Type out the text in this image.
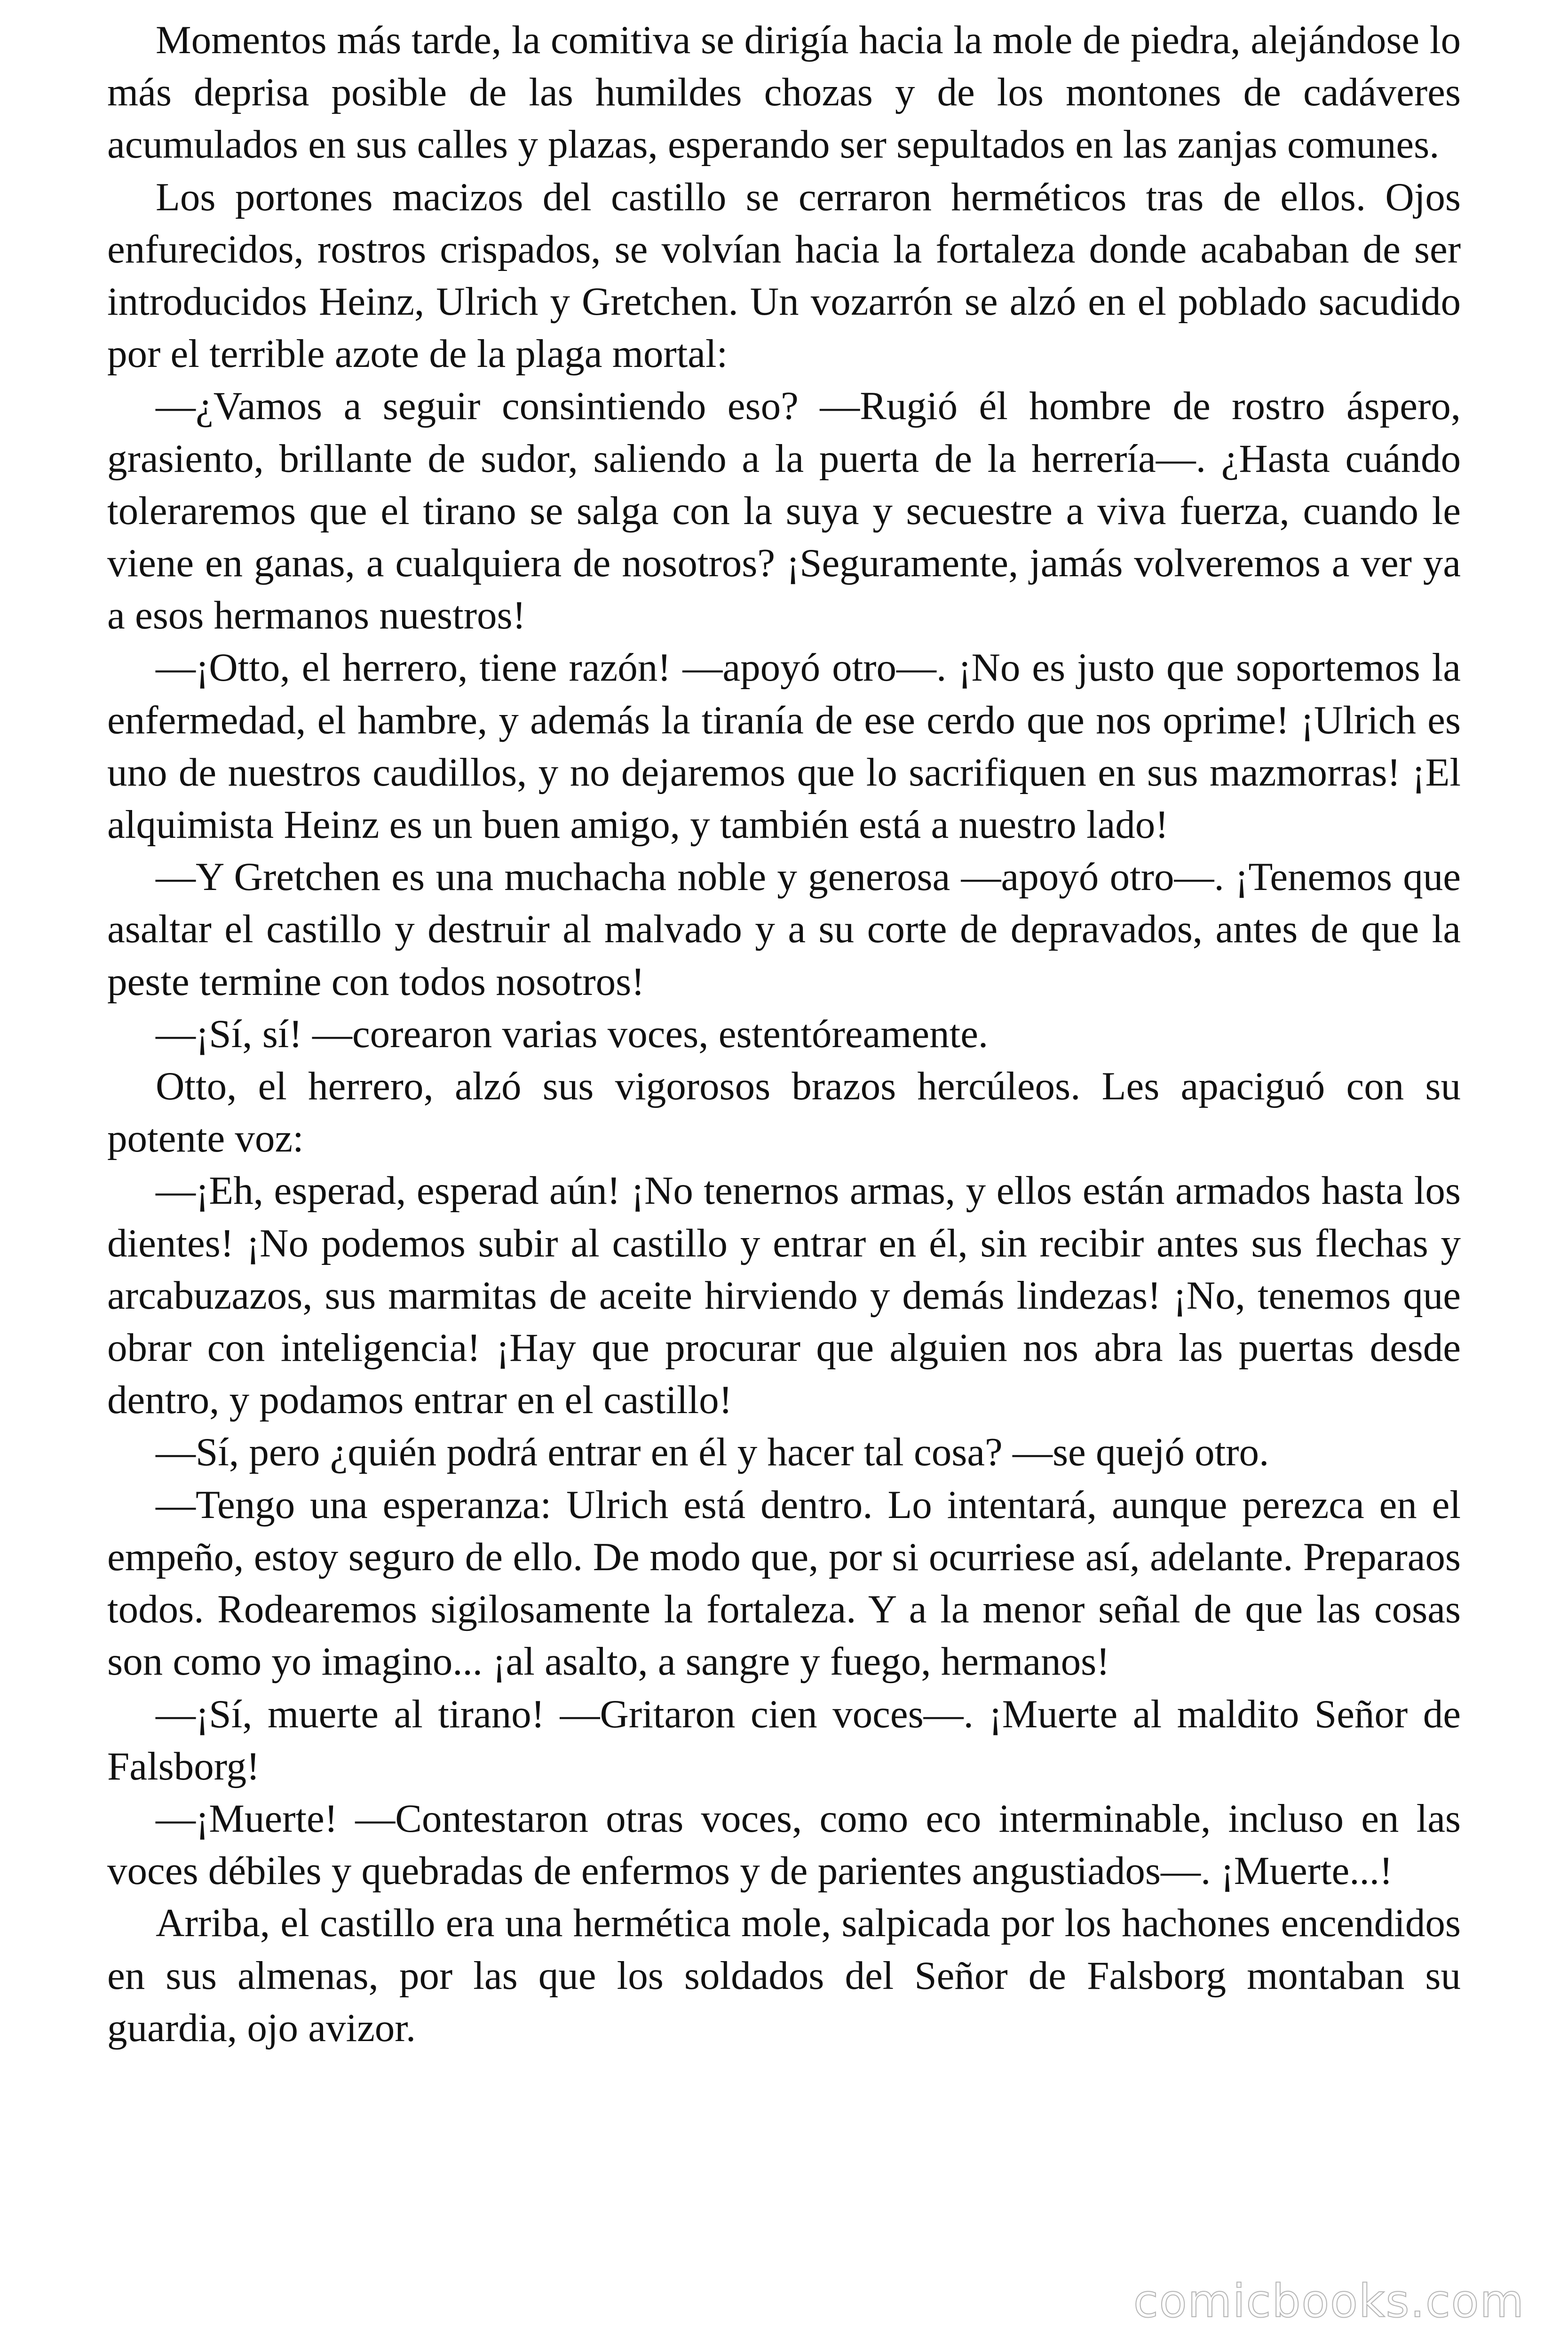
Momentos más tarde, la comitiva se dirigía hacia la mole de piedra, alejándose lo más deprisa posible de las humildes chozas y de los montones de cadáveres acumulados en sus calles y plazas, esperando ser sepultados en las zanjas comunes.

Los portones macizos del castillo se cerraron herméticos tras de ellos. Ojos enfurecidos, rostros crispados, se volvían hacia la fortaleza donde acababan de ser introducidos Heinz, Ulrich y Gretchen. Un vozarrón se alzó en el poblado sacudido por el terrible azote de la plaga mortal:

—¿Vamos a seguir consintiendo eso? —Rugió él hombre de rostro áspero, grasiento, brillante de sudor, saliendo a la puerta de la herrería—. ¿Hasta cuándo toleraremos que el tirano se salga con la suya y secuestre a viva fuerza, cuando le viene en ganas, a cualquiera de nosotros? ¡Seguramente, jamás volveremos a ver ya a esos hermanos nuestros!

—¡Otto, el herrero, tiene razón! —apoyó otro—. ¡No es justo que soportemos la enfermedad, el hambre, y además la tiranía de ese cerdo que nos oprime! ¡Ulrich es uno de nuestros caudillos, y no dejaremos que lo sacrifiquen en sus mazmorras! ¡El alquimista Heinz es un buen amigo, y también está a nuestro lado!

—Y Gretchen es una muchacha noble y generosa —apoyó otro—. ¡Tenemos que asaltar el castillo y destruir al malvado y a su corte de depravados, antes de que la peste termine con todos nosotros!

—¡Sí, sí! —corearon varias voces, estentóreamente.

Otto, el herrero, alzó sus vigorosos brazos hercúleos. Les apaciguó con su potente voz:

—¡Eh, esperad, esperad aún! ¡No tenernos armas, y ellos están armados hasta los dientes! ¡No podemos subir al castillo y entrar en él, sin recibir antes sus flechas y arcabuzazos, sus marmitas de aceite hirviendo y demás lindezas! ¡No, tenemos que obrar con inteligencia! ¡Hay que procurar que alguien nos abra las puertas desde dentro, y podamos entrar en el castillo!

—Sí, pero ¿quién podrá entrar en él y hacer tal cosa? —se quejó otro.

—Tengo una esperanza: Ulrich está dentro. Lo intentará, aunque perezca en el empeño, estoy seguro de ello. De modo que, por si ocurriese así, adelante. Preparaos todos. Rodearemos sigilosamente la fortaleza. Y a la menor señal de que las cosas son como yo imagino... ¡al asalto, a sangre y fuego, hermanos!

—¡Sí, muerte al tirano! —Gritaron cien voces—. ¡Muerte al maldito Señor de Falsborg!

—¡Muerte! —Contestaron otras voces, como eco interminable, incluso en las voces débiles y quebradas de enfermos y de parientes angustiados—. ¡Muerte...!

Arriba, el castillo era una hermética mole, salpicada por los hachones encendidos en sus almenas, por las que los soldados del Señor de Falsborg montaban su guardia, ojo avizor.

comicbooks.com
